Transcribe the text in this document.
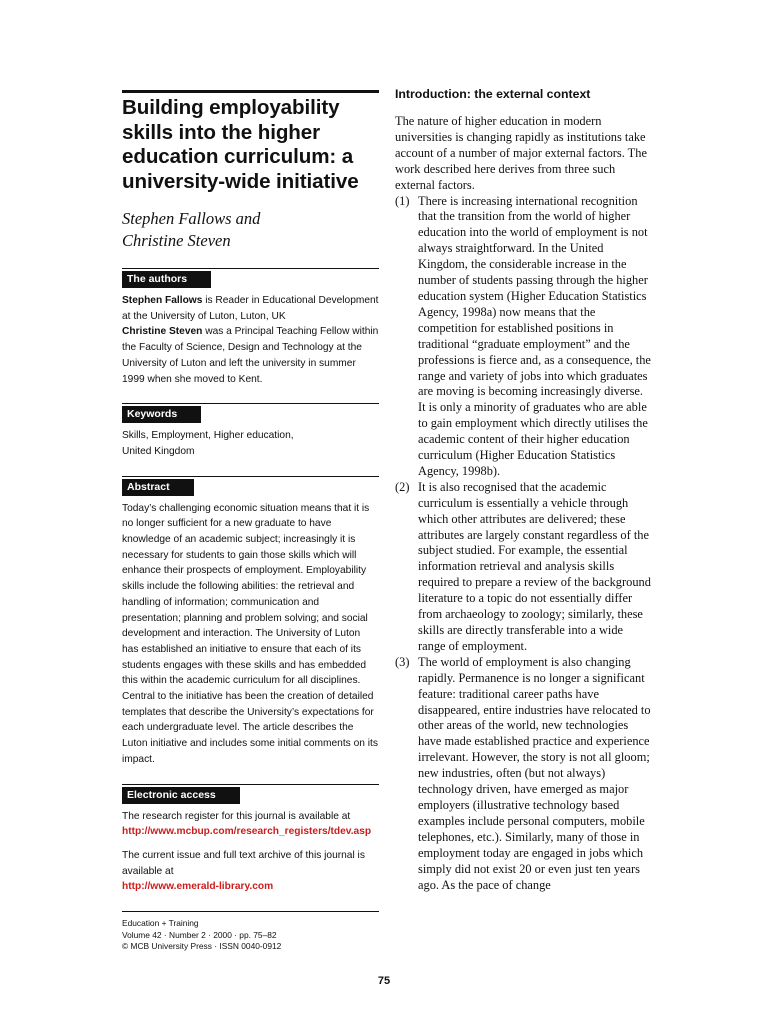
Building employability skills into the higher education curriculum: a university-wide initiative
Stephen Fallows and
Christine Steven
The authors

Stephen Fallows is Reader in Educational Development at the University of Luton, Luton, UK
Christine Steven was a Principal Teaching Fellow within the Faculty of Science, Design and Technology at the University of Luton and left the university in summer 1999 when she moved to Kent.

Keywords

Skills, Employment, Higher education, United Kingdom

Abstract

Today’s challenging economic situation means that it is no longer sufficient for a new graduate to have knowledge of an academic subject; increasingly it is necessary for students to gain those skills which will enhance their prospects of employment. Employability skills include the following abilities: the retrieval and handling of information; communication and presentation; planning and problem solving; and social development and interaction. The University of Luton has established an initiative to ensure that each of its students engages with these skills and has embedded this within the academic curriculum for all disciplines. Central to the initiative has been the creation of detailed templates that describe the University’s expectations for each undergraduate level. The article describes the Luton initiative and includes some initial comments on its impact.

Electronic access

The research register for this journal is available at
http://www.mcbup.com/research_registers/tdev.asp

The current issue and full text archive of this journal is available at
http://www.emerald-library.com

Education + Training
Volume 42 · Number 2 · 2000 · pp. 75–82
© MCB University Press · ISSN 0040-0912
Introduction: the external context

The nature of higher education in modern universities is changing rapidly as institutions take account of a number of major external factors. The work described here derives from three such external factors.

(1) There is increasing international recognition that the transition from the world of higher education into the world of employment is not always straightforward. In the United Kingdom, the considerable increase in the number of students passing through the higher education system (Higher Education Statistics Agency, 1998a) now means that the competition for established positions in traditional “graduate employment” and the professions is fierce and, as a consequence, the range and variety of jobs into which graduates are moving is becoming increasingly diverse. It is only a minority of graduates who are able to gain employment which directly utilises the academic content of their higher education curriculum (Higher Education Statistics Agency, 1998b).
(2) It is also recognised that the academic curriculum is essentially a vehicle through which other attributes are delivered; these attributes are largely constant regardless of the subject studied. For example, the essential information retrieval and analysis skills required to prepare a review of the background literature to a topic do not essentially differ from archaeology to zoology; similarly, these skills are directly transferable into a wide range of employment.
(3) The world of employment is also changing rapidly. Permanence is no longer a significant feature: traditional career paths have disappeared, entire industries have relocated to other areas of the world, new technologies have made established practice and experience irrelevant. However, the story is not all gloom; new industries, often (but not always) technology driven, have emerged as major employers (illustrative technology based examples include personal computers, mobile telephones, etc.). Similarly, many of those in employment today are engaged in jobs which simply did not exist 20 or even just ten years ago. As the pace of change
75
